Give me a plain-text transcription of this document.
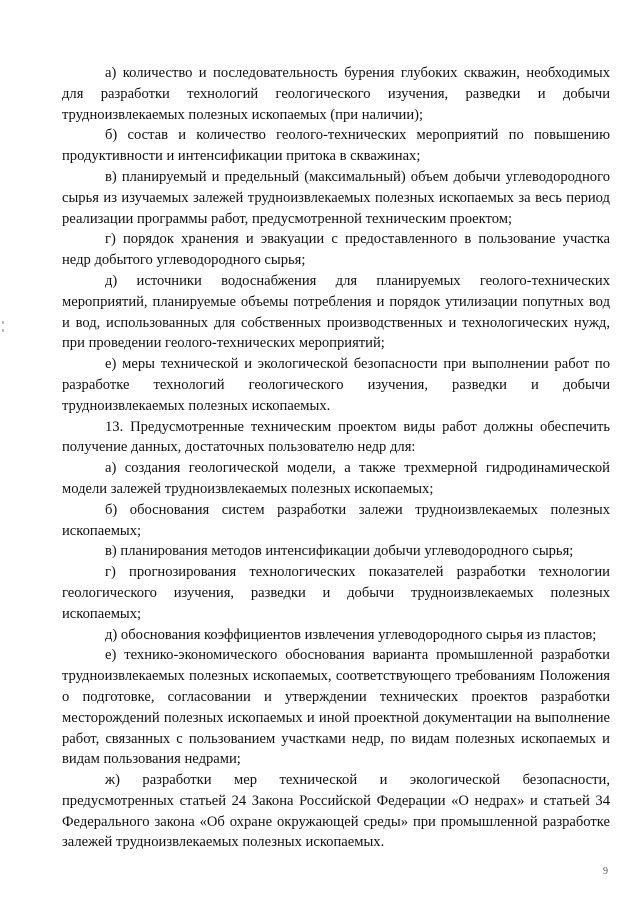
а) количество и последовательность бурения глубоких скважин, необходимых для разработки технологий геологического изучения, разведки и добычи трудноизвлекаемых полезных ископаемых (при наличии);

б) состав и количество геолого-технических мероприятий по повышению продуктивности и интенсификации притока в скважинах;

в) планируемый и предельный (максимальный) объем добычи углеводородного сырья из изучаемых залежей трудноизвлекаемых полезных ископаемых за весь период реализации программы работ, предусмотренной техническим проектом;

г) порядок хранения и эвакуации с предоставленного в пользование участка недр добытого углеводородного сырья;

д) источники водоснабжения для планируемых геолого-технических мероприятий, планируемые объемы потребления и порядок утилизации попутных вод и вод, использованных для собственных производственных и технологических нужд, при проведении геолого-технических мероприятий;

е) меры технической и экологической безопасности при выполнении работ по разработке технологий геологического изучения, разведки и добычи трудноизвлекаемых полезных ископаемых.

13. Предусмотренные техническим проектом виды работ должны обеспечить получение данных, достаточных пользователю недр для:

а) создания геологической модели, а также трехмерной гидродинамической модели залежей трудноизвлекаемых полезных ископаемых;

б) обоснования систем разработки залежи трудноизвлекаемых полезных ископаемых;

в) планирования методов интенсификации добычи углеводородного сырья;

г) прогнозирования технологических показателей разработки технологии геологического изучения, разведки и добычи трудноизвлекаемых полезных ископаемых;

д) обоснования коэффициентов извлечения углеводородного сырья из пластов;

е) технико-экономического обоснования варианта промышленной разработки трудноизвлекаемых полезных ископаемых, соответствующего требованиям Положения о подготовке, согласовании и утверждении технических проектов разработки месторождений полезных ископаемых и иной проектной документации на выполнение работ, связанных с пользованием участками недр, по видам полезных ископаемых и видам пользования недрами;

ж) разработки мер технической и экологической безопасности, предусмотренных статьей 24 Закона Российской Федерации «О недрах» и статьей 34 Федерального закона «Об охране окружающей среды» при промышленной разработке залежей трудноизвлекаемых полезных ископаемых.

9
